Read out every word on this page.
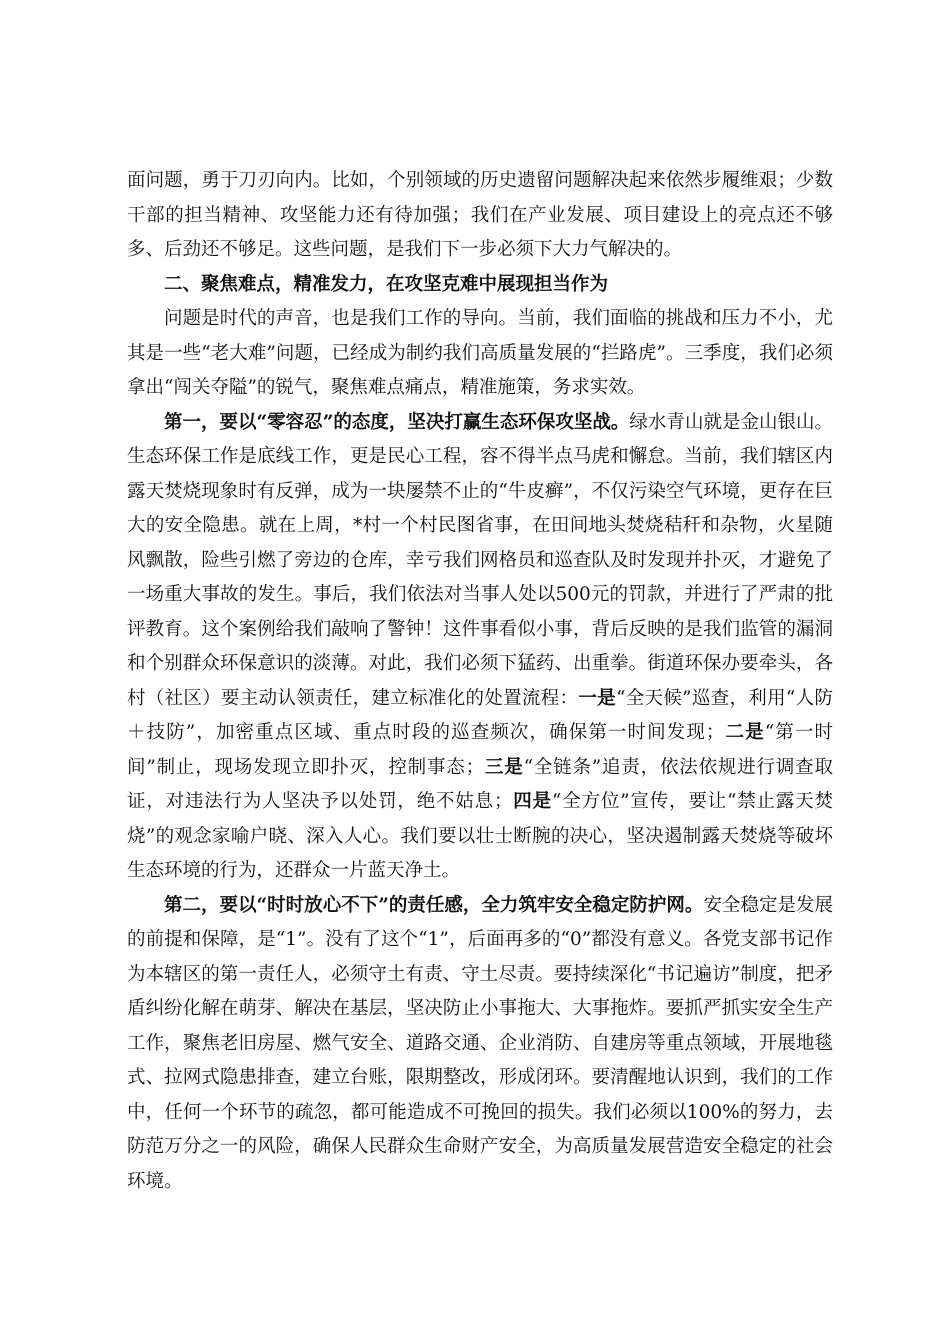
面问题，勇于刀刃向内。比如，个别领域的历史遗留问题解决起来依然步履维艰；少数干部的担当精神、攻坚能力还有待加强；我们在产业发展、项目建设上的亮点还不够多、后劲还不够足。这些问题，是我们下一步必须下大力气解决的。

二、聚焦难点，精准发力，在攻坚克难中展现担当作为

问题是时代的声音，也是我们工作的导向。当前，我们面临的挑战和压力不小，尤其是一些“老大难”问题，已经成为制约我们高质量发展的“拦路虎”。三季度，我们必须拿出“闯关夺隘”的锐气，聚焦难点痛点，精准施策，务求实效。

第一，要以“零容忍”的态度，坚决打赢生态环保攻坚战。绿水青山就是金山银山。生态环保工作是底线工作，更是民心工程，容不得半点马虎和懈怠。当前，我们辖区内露天焚烧现象时有反弹，成为一块屡禁不止的“牛皮癣”，不仅污染空气环境，更存在巨大的安全隐患。就在上周，*村一个村民图省事，在田间地头焚烧秸秆和杂物，火星随风飘散，险些引燃了旁边的仓库，幸亏我们网格员和巡查队及时发现并扑灭，才避免了一场重大事故的发生。事后，我们依法对当事人处以500元的罚款，并进行了严肃的批评教育。这个案例给我们敲响了警钟！这件事看似小事，背后反映的是我们监管的漏洞和个别群众环保意识的淡薄。对此，我们必须下猛药、出重拳。街道环保办要牵头，各村（社区）要主动认领责任，建立标准化的处置流程：一是“全天候”巡查，利用“人防＋技防”，加密重点区域、重点时段的巡查频次，确保第一时间发现；二是“第一时间”制止，现场发现立即扑灭，控制事态；三是“全链条”追责，依法依规进行调查取证，对违法行为人坚决予以处罚，绝不姑息；四是“全方位”宣传，要让“禁止露天焚烧”的观念家喻户晓、深入人心。我们要以壮士断腕的决心，坚决遏制露天焚烧等破坏生态环境的行为，还群众一片蓝天净土。

第二，要以“时时放心不下”的责任感，全力筑牢安全稳定防护网。安全稳定是发展的前提和保障，是“1”。没有了这个“1”，后面再多的“0”都没有意义。各党支部书记作为本辖区的第一责任人，必须守土有责、守土尽责。要持续深化“书记遍访”制度，把矛盾纠纷化解在萌芽、解决在基层，坚决防止小事拖大、大事拖炸。要抓严抓实安全生产工作，聚焦老旧房屋、燃气安全、道路交通、企业消防、自建房等重点领域，开展地毯式、拉网式隐患排查，建立台账，限期整改，形成闭环。要清醒地认识到，我们的工作中，任何一个环节的疏忽，都可能造成不可挽回的损失。我们必须以100%的努力，去防范万分之一的风险，确保人民群众生命财产安全，为高质量发展营造安全稳定的社会环境。
